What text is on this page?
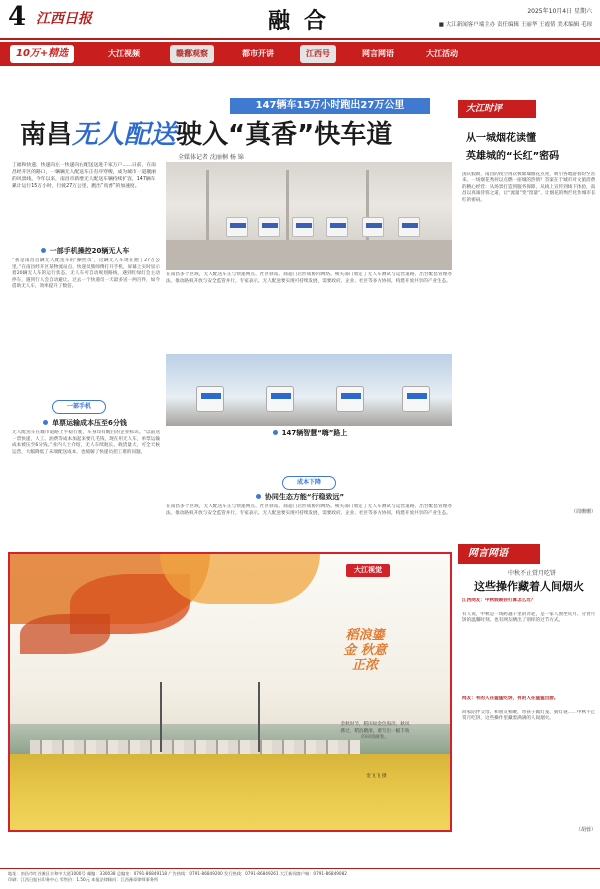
4 江西日报	融合	2025年10月4日 星期六
■ 大江新闻客户端主办 责任编辑 王丽华 王霞倩 美术编辑 毛琼
10万+精选	大江视频	赣鄱观察	都市开讲	江西号	网言网语	大江活动
147辆车15万小时跑出27万公里
南昌无人配送驶入“真香”快车道
全媒体记者 沈丽桐 杨 锦
丁福和快递、快递向左一快递向右配送送进千家万户……日前，在南昌经开区的路口，一辆辆无人配送车正有序穿梭，成为城市一道靓丽的风景线。今年以来，南昌市新增无人配送车辆持续扩容，147辆车累计运行15万小时、行驶27万公里，跑出“真香”的加速度。
一部手机操控20辆无人车
“我是南昌首辆无人配送车的‘操控员’，这辆无人车现在跑了27万公里。”在南昌经开区某物流站点，快递员熊师傅打开手机，屏幕上实时显示着20辆无人车的运行状态。无人车可自动规划路线，遇到红绿灯会主动停车，遇到行人会自动避让。过去一个快递员一天最多送一两百件，如今借助无人车，效率提升了数倍。
一部手机
单票运输成本压至6分钱
无人配送车在城市道路上平稳行驶，车身印有醒目的企业标识。“以前送一票快递，人工、油费等成本加起来要几毛钱，现在用无人车，单票运输成本被压至6分钱。”业内人士介绍，无人车续航长、载货量大，可全天候运营，大幅降低了末端配送成本，也缓解了快递员招工难的问题。
在南昌多个区域，无人配送车正与快递网点、社区驿站、商超门店形成协同网络。相关部门划定了无人车测试与运营道路，出台配套管理办法，推动路权开放与安全监管并行。专家表示，无人配送要实现可持续发展，需要政府、企业、社区等多方协同，构建开放共享的产业生态。
147辆智慧“嗨”路上
成本下降
协同生态方能“行稳致远”
在南昌多个区域，无人配送车正与快递网点、社区驿站、商超门店形成协同网络。相关部门划定了无人车测试与运营道路，出台配套管理办法，推动路权开放与安全监管并行。专家表示，无人配送要实现可持续发展，需要政府、企业、社区等多方协同，构建开放共享的产业生态。
大江时评
从一城烟花读懂
英雄城的“长红”密码
国庆假期，南昌的夜空再次被璀璨烟花点亮，吸引各地游客纷至沓来。一场烟花秀何以点燃一座城的热情？答案在于城市对文旅消费的精心经营：从场景打造到服务保障，从线上宣传到线下体验，南昌以真诚待客之道，让“流量”变“留量”，让烟花的绚烂化作城市长红的密码。
（周珊珊）
网言网语
中秋不止赏月吃饼
这些操作藏着人间烟火
江西网友：中秋假期你打算怎么过？
有人说，中秋是一场跨越千里的奔赴，是一家人围坐赏月、分食月饼的温馨时刻。也有网友晒出了别样的过节方式。
网友：有的人在猛猛吃饼，有的人在猛猛出游。
回家陪伴父母，和朋友相聚，带孩子做灯笼、猜灯谜……中秋不止赏月吃饼，这些操作里藏着满满的人间烟火。
（胡蓉）
大江视觉
稻浪鎏金 秋意正浓
金秋时节，稻田如金色海洋，秋风拂过，稻浪翻滚，谱写出一幅丰收的田园画卷。
金飞飞 摄
地址：南昌市红谷滩区丰和中大道1000号 邮编：330038 总编室：0791-86849118 广告热线：0791-86849200 发行热线：0791-86849261 大江新闻客户端：0791-86849082
印刷：江西日报社印务中心 零售价：1.50元 本报法律顾问：江西豫章律师事务所
